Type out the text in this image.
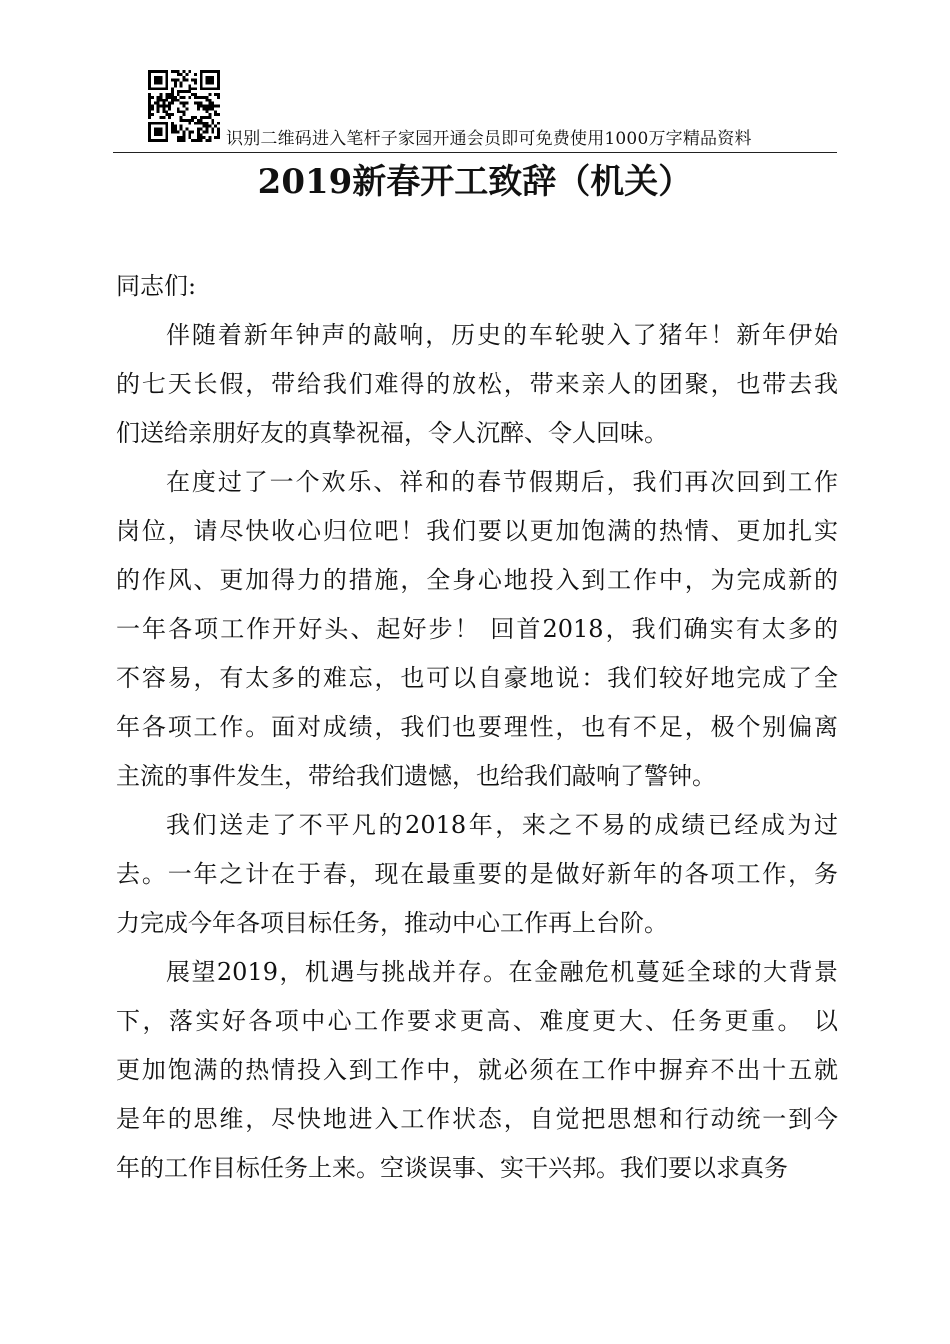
识别二维码进入笔杆子家园开通会员即可免费使用1000万字精品资料
2019新春开工致辞（机关）
同志们:
伴随着新年钟声的敲响，历史的车轮驶入了猪年！新年伊始
的七天长假，带给我们难得的放松，带来亲人的团聚，也带去我
们送给亲朋好友的真挚祝福，令人沉醉、令人回味。
在度过了一个欢乐、祥和的春节假期后，我们再次回到工作
岗位，请尽快收心归位吧！我们要以更加饱满的热情、更加扎实
的作风、更加得力的措施，全身心地投入到工作中，为完成新的
一年各项工作开好头、起好步！ 回首2018，我们确实有太多的
不容易，有太多的难忘，也可以自豪地说：我们较好地完成了全
年各项工作。面对成绩，我们也要理性，也有不足，极个别偏离
主流的事件发生，带给我们遗憾，也给我们敲响了警钟。
我们送走了不平凡的2018年，来之不易的成绩已经成为过
去。一年之计在于春，现在最重要的是做好新年的各项工作，务
力完成今年各项目标任务，推动中心工作再上台阶。
展望2019，机遇与挑战并存。在金融危机蔓延全球的大背景
下，落实好各项中心工作要求更高、难度更大、任务更重。 以
更加饱满的热情投入到工作中，就必须在工作中摒弃不出十五就
是年的思维，尽快地进入工作状态，自觉把思想和行动统一到今
年的工作目标任务上来。空谈误事、实干兴邦。我们要以求真务
